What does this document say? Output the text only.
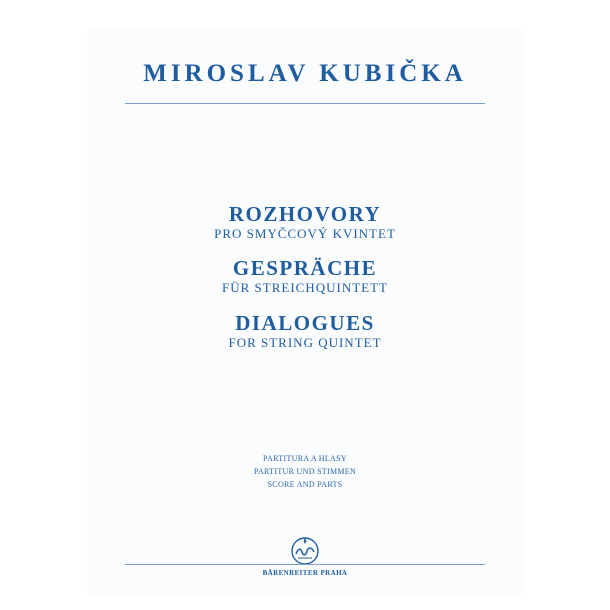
MIROSLAV KUBIČKA
ROZHOVORY
PRO SMYČCOVÝ KVINTET
GESPRÄCHE
FÜR STREICHQUINTETT
DIALOGUES
FOR STRING QUINTET
PARTITURA A HLASY
PARTITUR UND STIMMEN
SCORE AND PARTS
BÄRENREITER PRAHA
